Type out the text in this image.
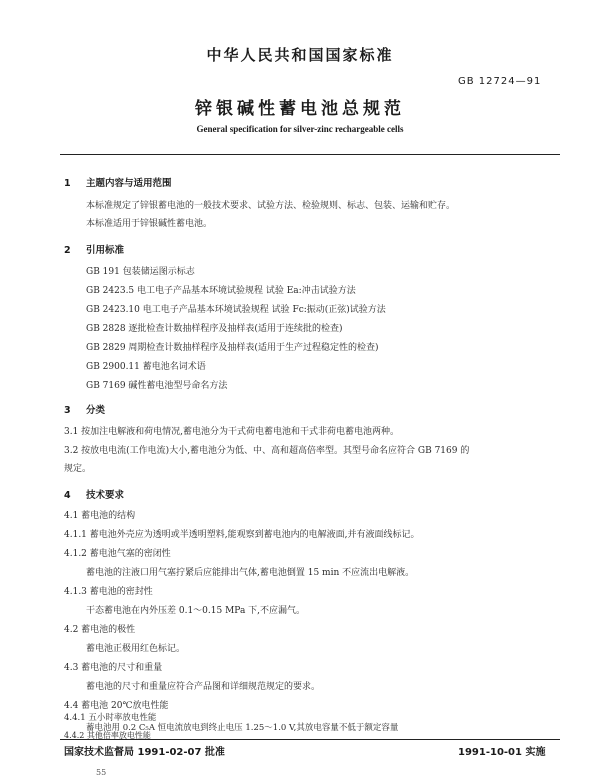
中华人民共和国国家标准
GB 12724—91
锌银碱性蓄电池总规范
General specification for silver-zinc rechargeable cells
1 主题内容与适用范围
本标准规定了锌银蓄电池的一般技术要求、试验方法、检验规则、标志、包装、运输和贮存。
本标准适用于锌银碱性蓄电池。
2 引用标准
GB 191 包装储运图示标志
GB 2423.5 电工电子产品基本环境试验规程 试验 Ea:冲击试验方法
GB 2423.10 电工电子产品基本环境试验规程 试验 Fc:振动(正弦)试验方法
GB 2828 逐批检查计数抽样程序及抽样表(适用于连续批的检查)
GB 2829 周期检查计数抽样程序及抽样表(适用于生产过程稳定性的检查)
GB 2900.11 蓄电池名词术语
GB 7169 碱性蓄电池型号命名方法
3 分类
3.1 按加注电解液和荷电情况,蓄电池分为干式荷电蓄电池和干式非荷电蓄电池两种。
3.2 按放电电流(工作电流)大小,蓄电池分为低、中、高和超高倍率型。其型号命名应符合 GB 7169 的
规定。
4 技术要求
4.1 蓄电池的结构
4.1.1 蓄电池外壳应为透明或半透明塑料,能观察到蓄电池内的电解液面,并有液面线标记。
4.1.2 蓄电池气塞的密闭性
蓄电池的注液口用气塞拧紧后应能排出气体,蓄电池倒置 15 min 不应流出电解液。
4.1.3 蓄电池的密封性
干态蓄电池在内外压差 0.1～0.15 MPa 下,不应漏气。
4.2 蓄电池的极性
蓄电池正极用红色标记。
4.3 蓄电池的尺寸和重量
蓄电池的尺寸和重量应符合产品图和详细规范规定的要求。
4.4 蓄电池 20℃放电性能
4.4.1 五小时率放电性能
蓄电池用 0.2 C₅A 恒电流放电到终止电压 1.25～1.0 V,其放电容量不低于额定容量
国家技术监督局 1991-02-07 批准	1991-10-01 实施
55
4.4.2 其他倍率放电性能
